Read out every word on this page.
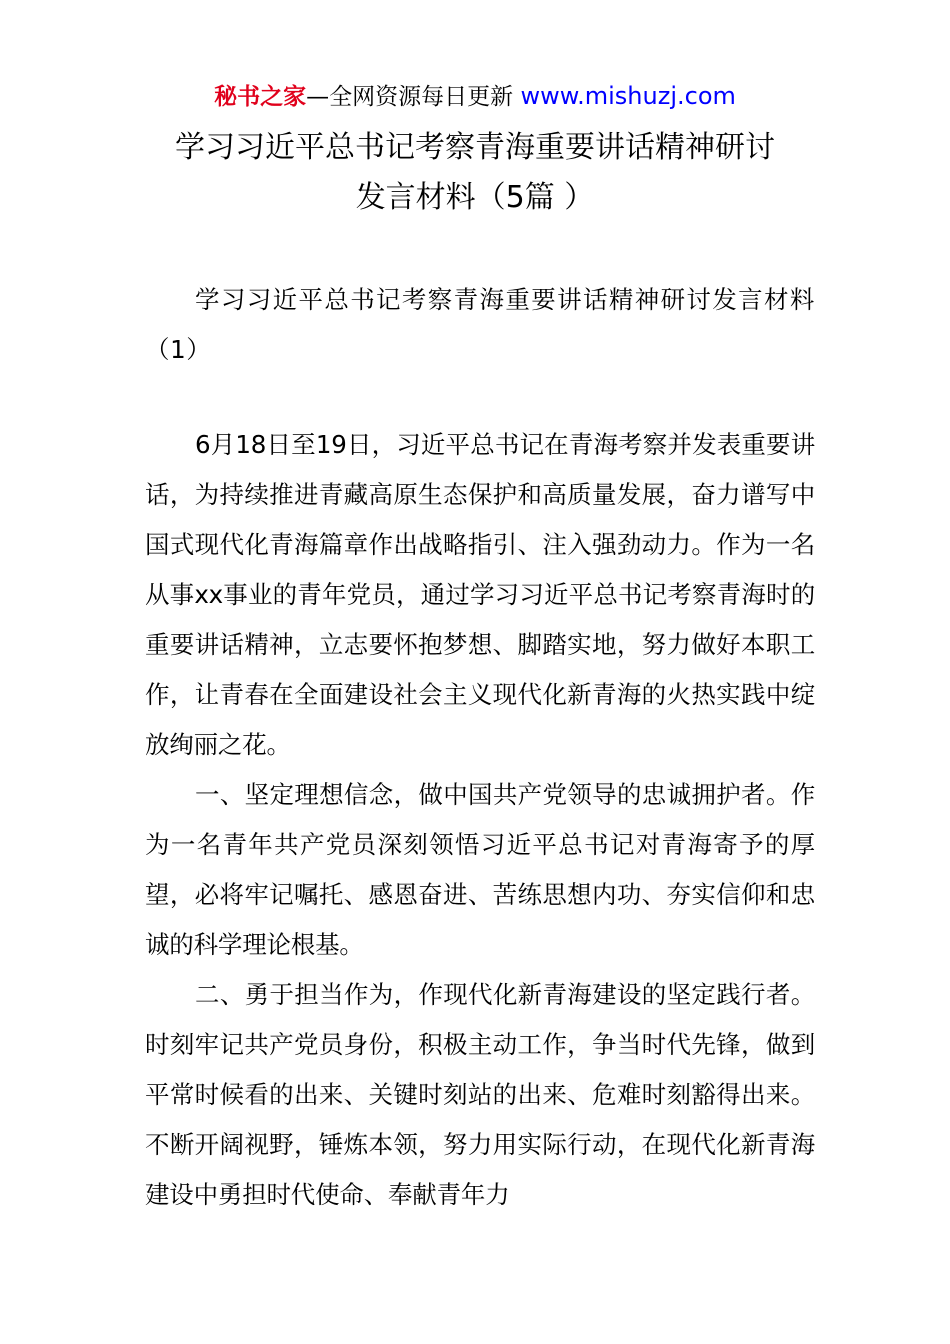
秘书之家—全网资源每日更新 www.mishuzj.com
学习习近平总书记考察青海重要讲话精神研讨
发言材料（5篇 ）

学习习近平总书记考察青海重要讲话精神研讨发言材料（1）

6月18日至19日，习近平总书记在青海考察并发表重要讲话，为持续推进青藏高原生态保护和高质量发展，奋力谱写中国式现代化青海篇章作出战略指引、注入强劲动力。作为一名从事xx事业的青年党员，通过学习习近平总书记考察青海时的重要讲话精神，立志要怀抱梦想、脚踏实地，努力做好本职工作，让青春在全面建设社会主义现代化新青海的火热实践中绽放绚丽之花。

一、坚定理想信念，做中国共产党领导的忠诚拥护者。作为一名青年共产党员深刻领悟习近平总书记对青海寄予的厚望，必将牢记嘱托、感恩奋进、苦练思想内功、夯实信仰和忠诚的科学理论根基。

二、勇于担当作为，作现代化新青海建设的坚定践行者。时刻牢记共产党员身份，积极主动工作，争当时代先锋，做到平常时候看的出来、关键时刻站的出来、危难时刻豁得出来。不断开阔视野，锤炼本领，努力用实际行动，在现代化新青海建设中勇担时代使命、奉献青年力
